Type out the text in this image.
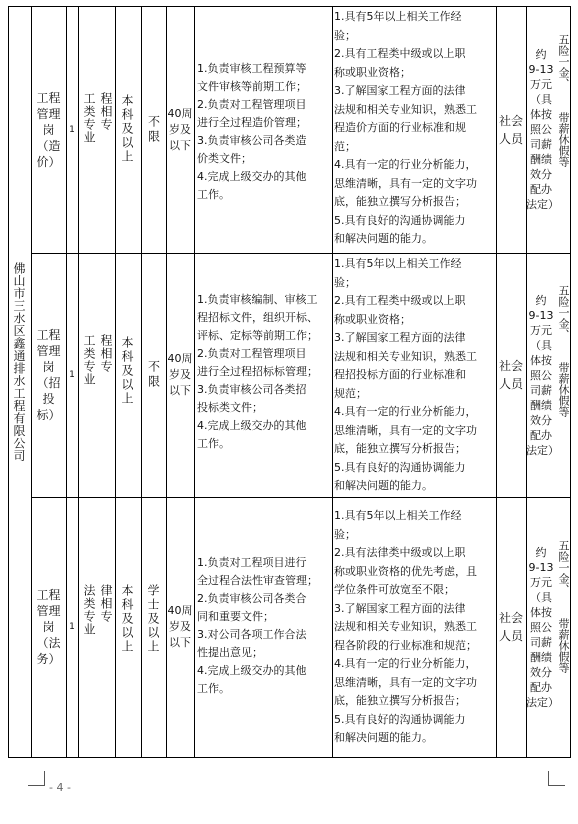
佛山市三水区鑫通排水工程有限公司
工程
管理
岗
（造
价）
1 工类专业 程相专 本科及以上	不限
40周
岁及
以下

1.负责审核工程预算等

文件审核等前期工作；

2.负责对工程管理项目

进行全过程造价管理；

3.负责审核公司各类造

价类文件；

4.完成上级交办的其他

工作。

1.具有5年以上相关工作经

验；

2.具有工程类中级或以上职

称或职业资格；

3.了解国家工程方面的法律

法规和相关专业知识，熟悉工

程造价方面的行业标准和规

范；

4.具有一定的行业分析能力，

思维清晰，具有一定的文字功

底，能独立撰写分析报告；

5.具有良好的沟通协调能力

和解决问题的能力。

社会人员
约
9-13
万元
（具
体按
照公
司薪
酬绩
效分
配办
法定）
五险一金、
带薪休假等
工程
管理
岗
（招
投
标）
1 工类专业 程相专 本科及以上	不限
40周
岁及
以下

1.负责审核编制、审核工

程招标文件，组织开标、

评标、定标等前期工作；

2.负责对工程管理项目

进行全过程招标标管理；

3.负责审核公司各类招

投标类文件；

4.完成上级交办的其他

工作。

1.具有5年以上相关工作经

验；

2.具有工程类中级或以上职

称或职业资格；

3.了解国家工程方面的法律

法规和相关专业知识，熟悉工

程招投标方面的行业标准和

规范；

4.具有一定的行业分析能力，

思维清晰，具有一定的文字功

底，能独立撰写分析报告；

5.具有良好的沟通协调能力

和解决问题的能力。

社会人员
约
9-13
万元
（具
体按
照公
司薪
酬绩
效分
配办
法定）
五险一金、
带薪休假等
工程
管理
岗
（法
务）
1 法类专业 律相专 本科及以上 学士及以上 40周
岁及
以下

1.负责对工程项目进行

全过程合法性审查管理；

2.负责审核公司各类合

同和重要文件；

3.对公司各项工作合法

性提出意见；

4.完成上级交办的其他

工作。

1.具有5年以上相关工作经

验；

2.具有法律类中级或以上职

称或职业资格的优先考虑，且

学位条件可放宽至不限；

3.了解国家工程方面的法律

法规和相关专业知识，熟悉工

程各阶段的行业标准和规范；

4.具有一定的行业分析能力，

思维清晰，具有一定的文字功

底，能独立撰写分析报告；

5.具有良好的沟通协调能力

和解决问题的能力。

社会人员
约
9-13
万元
（具
体按
照公
司薪
酬绩
效分
配办
法定）
五险一金、
带薪休假等
- 4 -
